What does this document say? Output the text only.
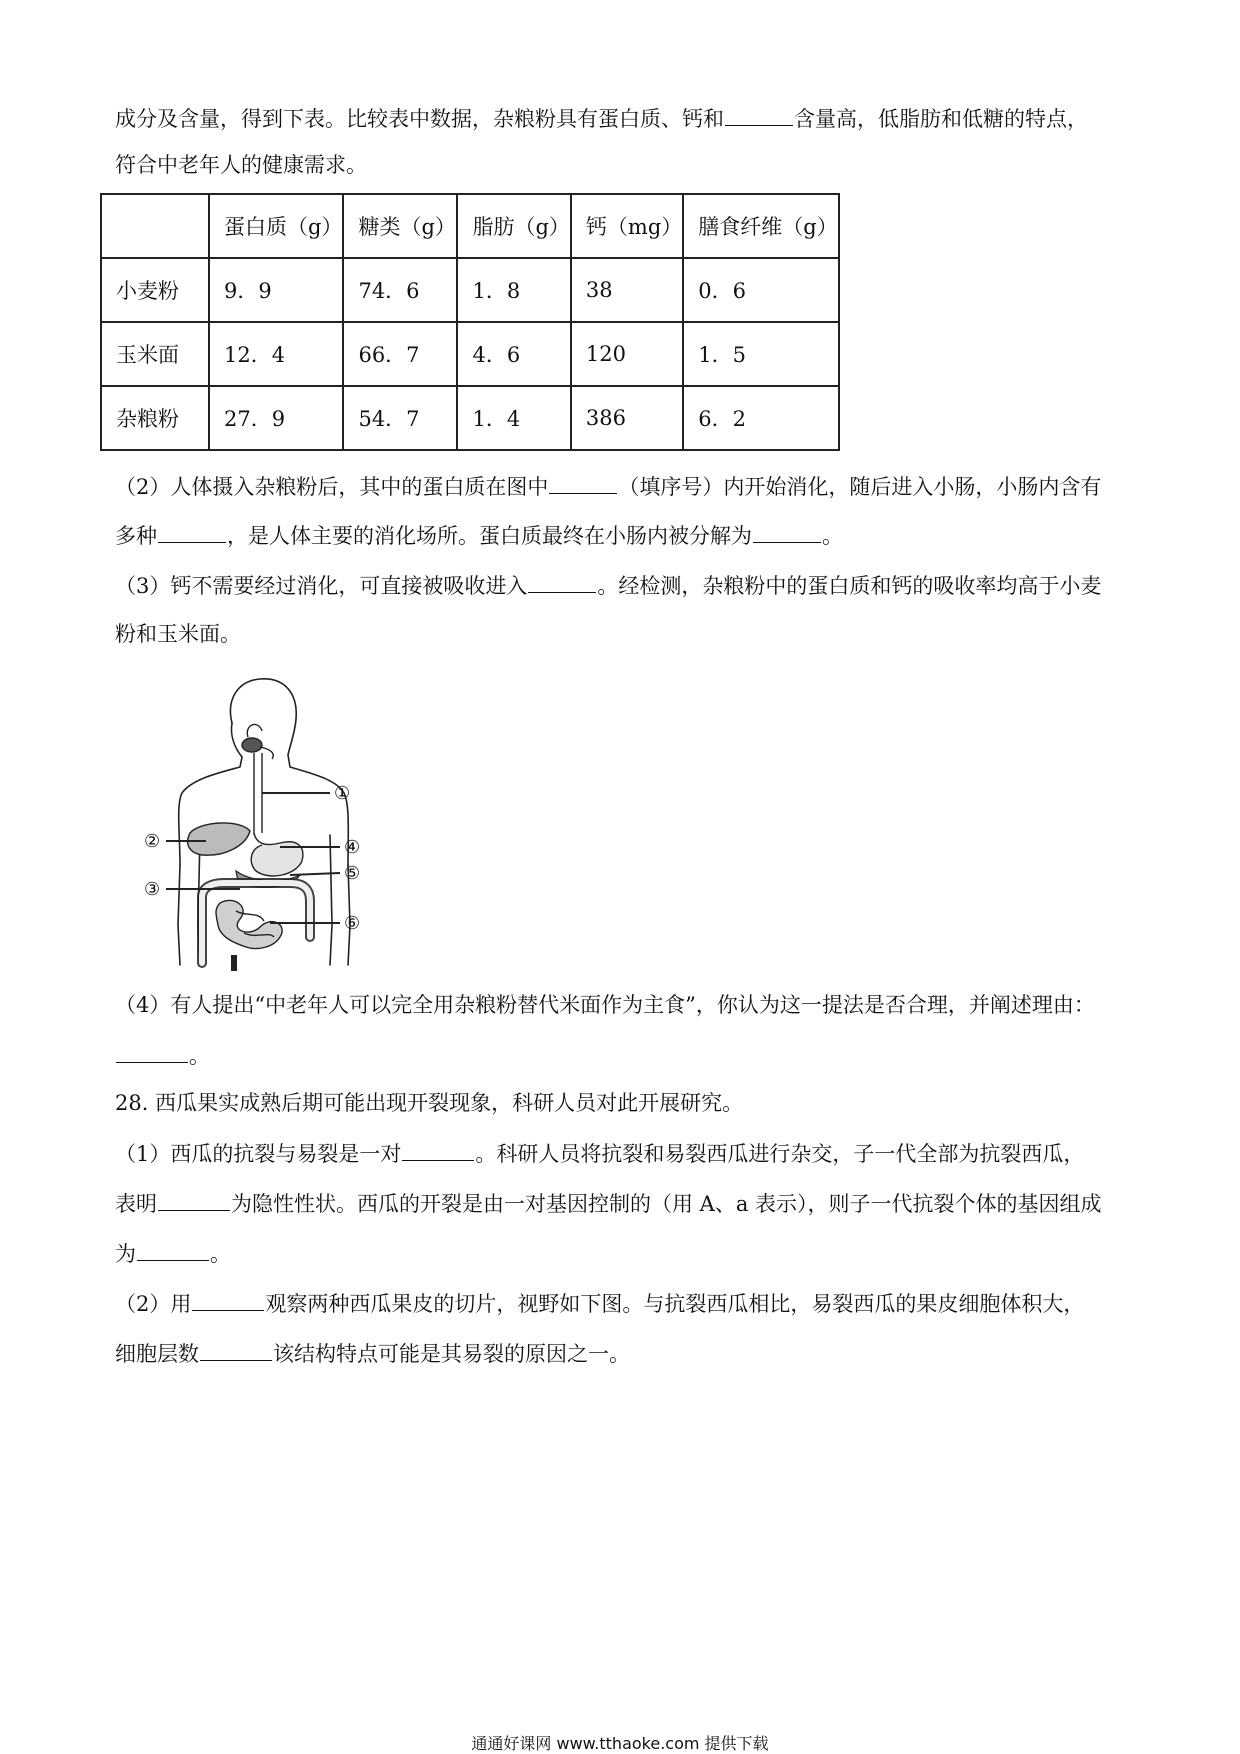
成分及含量，得到下表。比较表中数据，杂粮粉具有蛋白质、钙和	含量高，低脂肪和低糖的特点，
符合中老年人的健康需求。
	蛋白质（g）	糖类（g）	脂肪（g）	钙（mg）	膳食纤维（g）
小麦粉	9．9	74．6	1．8	38	0．6
玉米面	12．4	66．7	4．6	120	1．5
杂粮粉	27．9	54．7	1．4	386	6．2
（2）人体摄入杂粮粉后，其中的蛋白质在图中	（填序号）内开始消化，随后进入小肠，小肠内含有
多种	，是人体主要的消化场所。蛋白质最终在小肠内被分解为	。
（3）钙不需要经过消化，可直接被吸收进入	。经检测，杂粮粉中的蛋白质和钙的吸收率均高于小麦
粉和玉米面。
①
②
③
④
⑤
⑥
（4）有人提出“中老年人可以完全用杂粮粉替代米面作为主食”，你认为这一提法是否合理，并阐述理由：
。
28. 西瓜果实成熟后期可能出现开裂现象，科研人员对此开展研究。
（1）西瓜的抗裂与易裂是一对	。科研人员将抗裂和易裂西瓜进行杂交，子一代全部为抗裂西瓜，
表明	为隐性性状。西瓜的开裂是由一对基因控制的（用 A、a 表示），则子一代抗裂个体的基因组成
为	。
（2）用	观察两种西瓜果皮的切片，视野如下图。与抗裂西瓜相比，易裂西瓜的果皮细胞体积大，
细胞层数	该结构特点可能是其易裂的原因之一。
通通好课网 www.tthaoke.com 提供下载
